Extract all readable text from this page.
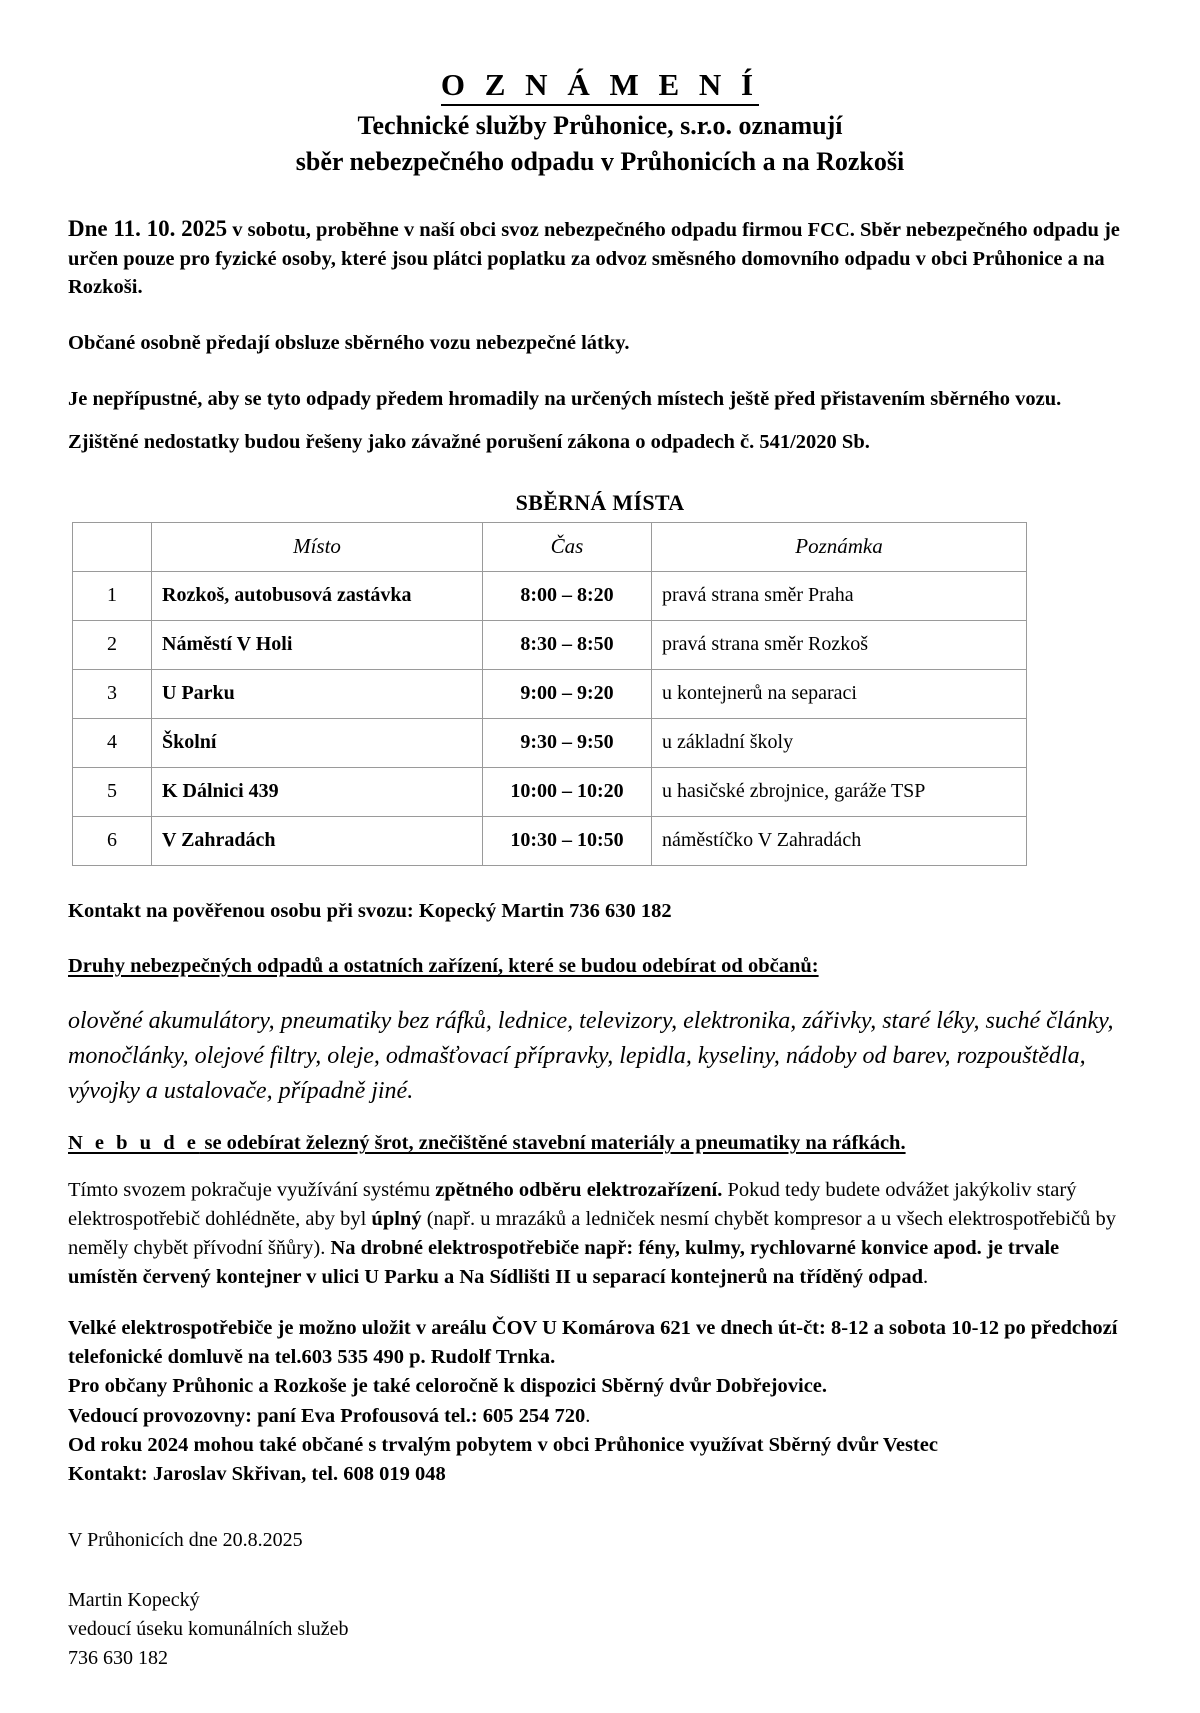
O Z N Á M E N Í
Technické služby Průhonice, s.r.o. oznamují
sběr nebezpečného odpadu v Průhonicích a na Rozkoši

Dne 11. 10. 2025 v sobotu, proběhne v naší obci svoz nebezpečného odpadu firmou FCC. Sběr nebezpečného odpadu je určen pouze pro fyzické osoby, které jsou plátci poplatku za odvoz směsného domovního odpadu v obci Průhonice a na Rozkoši.

Občané osobně předají obsluze sběrného vozu nebezpečné látky.

Je nepřípustné, aby se tyto odpady předem hromadily na určených místech ještě před přistavením sběrného vozu.

Zjištěné nedostatky budou řešeny jako závažné porušení zákona o odpadech č. 541/2020 Sb.

SBĚRNÁ MÍSTA
	Místo	Čas	Poznámka
1	Rozkoš, autobusová zastávka	8:00 – 8:20	pravá strana směr Praha
2	Náměstí V Holi	8:30 – 8:50	pravá strana směr Rozkoš
3	U Parku	9:00 – 9:20	u kontejnerů na separaci
4	Školní	9:30 – 9:50	u základní školy
5	K Dálnici 439	10:00 – 10:20	u hasičské zbrojnice, garáže TSP
6	V Zahradách	10:30 – 10:50	náměstíčko V Zahradách

Kontakt na pověřenou osobu při svozu: Kopecký Martin 736 630 182

Druhy nebezpečných odpadů a ostatních zařízení, které se budou odebírat od občanů:

olověné akumulátory, pneumatiky bez ráfků, lednice, televizory, elektronika, zářivky, staré léky, suché články, monočlánky, olejové filtry, oleje, odmašťovací přípravky, lepidla, kyseliny, nádoby od barev, rozpouštědla, vývojky a ustalovače, případně jiné.

N e b u d e se odebírat železný šrot, znečištěné stavební materiály a pneumatiky na ráfkách.

Tímto svozem pokračuje využívání systému zpětného odběru elektrozařízení. Pokud tedy budete odvážet jakýkoliv starý elektrospotřebič dohlédněte, aby byl úplný (např. u mrazáků a ledniček nesmí chybět kompresor a u všech elektrospotřebičů by neměly chybět přívodní šňůry). Na drobné elektrospotřebiče např: fény, kulmy, rychlovarné konvice apod. je trvale umístěn červený kontejner v ulici U Parku a Na Sídlišti II u separací kontejnerů na tříděný odpad.

Velké elektrospotřebiče je možno uložit v areálu ČOV U Komárova 621 ve dnech út-čt: 8-12 a sobota 10-12 po předchozí telefonické domluvě na tel.603 535 490 p. Rudolf Trnka.
Pro občany Průhonic a Rozkoše je také celoročně k dispozici Sběrný dvůr Dobřejovice.
Vedoucí provozovny: paní Eva Profousová tel.: 605 254 720.
Od roku 2024 mohou také občané s trvalým pobytem v obci Průhonice využívat Sběrný dvůr Vestec
Kontakt: Jaroslav Skřivan, tel. 608 019 048

V Průhonicích dne 20.8.2025

Martin Kopecký
vedoucí úseku komunálních služeb
736 630 182
